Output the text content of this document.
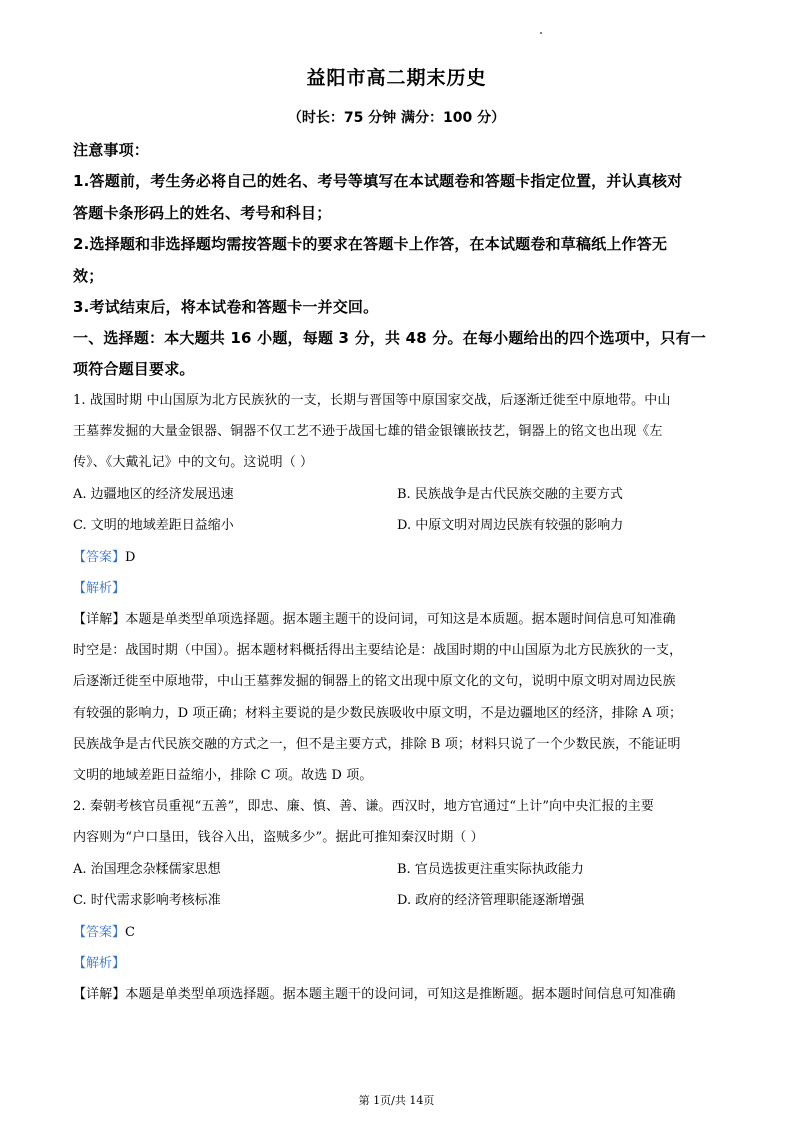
益阳市高二期末历史
（时长：75 分钟 满分：100 分）
注意事项：
1.答题前，考生务必将自己的姓名、考号等填写在本试题卷和答题卡指定位置，并认真核对
答题卡条形码上的姓名、考号和科目；
2.选择题和非选择题均需按答题卡的要求在答题卡上作答，在本试题卷和草稿纸上作答无
效；
3.考试结束后，将本试卷和答题卡一并交回。
一、选择题：本大题共 16 小题，每题 3 分，共 48 分。在每小题给出的四个选项中，只有一
项符合题目要求。
1. 战国时期 中山国原为北方民族狄的一支，长期与晋国等中原国家交战，后逐渐迁徙至中原地带。中山
王墓葬发掘的大量金银器、铜器不仅工艺不逊于战国七雄的错金银镶嵌技艺，铜器上的铭文也出现《左
传》、《大戴礼记》中的文句。这说明（ ）
A. 边疆地区的经济发展迅速	B. 民族战争是古代民族交融的主要方式
C. 文明的地域差距日益缩小	D. 中原文明对周边民族有较强的影响力
【答案】D
【解析】
【详解】本题是单类型单项选择题。据本题主题干的设问词，可知这是本质题。据本题时间信息可知准确
时空是：战国时期（中国）。据本题材料概括得出主要结论是：战国时期的中山国原为北方民族狄的一支，
后逐渐迁徙至中原地带，中山王墓葬发掘的铜器上的铭文出现中原文化的文句，说明中原文明对周边民族
有较强的影响力，D 项正确；材料主要说的是少数民族吸收中原文明，不是边疆地区的经济，排除 A 项；
民族战争是古代民族交融的方式之一，但不是主要方式，排除 B 项；材料只说了一个少数民族，不能证明
文明的地域差距日益缩小，排除 C 项。故选 D 项。
2. 秦朝考核官员重视“五善”，即忠、廉、慎、善、谦。西汉时，地方官通过“上计”向中央汇报的主要
内容则为“户口垦田，钱谷入出，盗贼多少”。据此可推知秦汉时期（ ）
A. 治国理念杂糅儒家思想	B. 官员选拔更注重实际执政能力
C. 时代需求影响考核标准	D. 政府的经济管理职能逐渐增强
【答案】C
【解析】
【详解】本题是单类型单项选择题。据本题主题干的设问词，可知这是推断题。据本题时间信息可知准确
第 1页/共 14页
